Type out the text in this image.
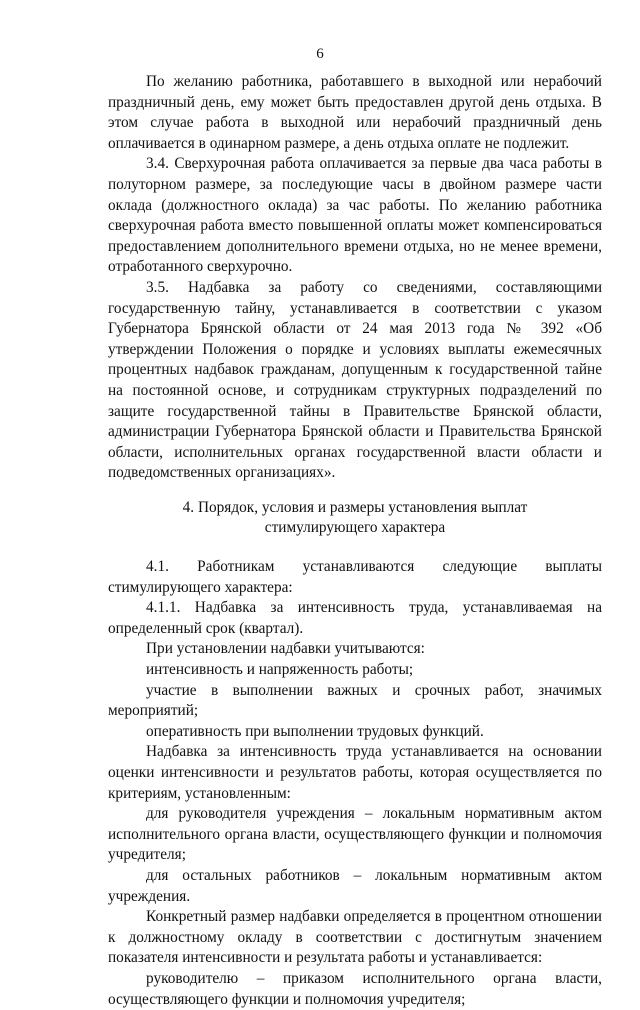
6

По желанию работника, работавшего в выходной или нерабочий праздничный день, ему может быть предоставлен другой день отдыха. В этом случае работа в выходной или нерабочий праздничный день оплачивается в одинарном размере, а день отдыха оплате не подлежит.

3.4. Сверхурочная работа оплачивается за первые два часа работы в полуторном размере, за последующие часы в двойном размере части оклада (должностного оклада) за час работы. По желанию работника сверхурочная работа вместо повышенной оплаты может компенсироваться предоставлением дополнительного времени отдыха, но не менее времени, отработанного сверхурочно.

3.5. Надбавка за работу со сведениями, составляющими государственную тайну, устанавливается в соответствии с указом Губернатора Брянской области от 24 мая 2013 года № 392 «Об утверждении Положения о порядке и условиях выплаты ежемесячных процентных надбавок гражданам, допущенным к государственной тайне на постоянной основе, и сотрудникам структурных подразделений по защите государственной тайны в Правительстве Брянской области, администрации Губернатора Брянской области и Правительства Брянской области, исполнительных органах государственной власти области и подведомственных организациях».

4. Порядок, условия и размеры установления выплат

стимулирующего характера

4.1. Работникам устанавливаются следующие выплаты стимулирующего характера:

4.1.1. Надбавка за интенсивность труда, устанавливаемая на определенный срок (квартал).

При установлении надбавки учитываются:

интенсивность и напряженность работы;

участие в выполнении важных и срочных работ, значимых мероприятий;

оперативность при выполнении трудовых функций.

Надбавка за интенсивность труда устанавливается на основании оценки интенсивности и результатов работы, которая осуществляется по критериям, установленным:

для руководителя учреждения – локальным нормативным актом исполнительного органа власти, осуществляющего функции и полномочия учредителя;

для остальных работников – локальным нормативным актом учреждения.

Конкретный размер надбавки определяется в процентном отношении к должностному окладу в соответствии с достигнутым значением показателя интенсивности и результата работы и устанавливается:

руководителю – приказом исполнительного органа власти, осуществляющего функции и полномочия учредителя;
